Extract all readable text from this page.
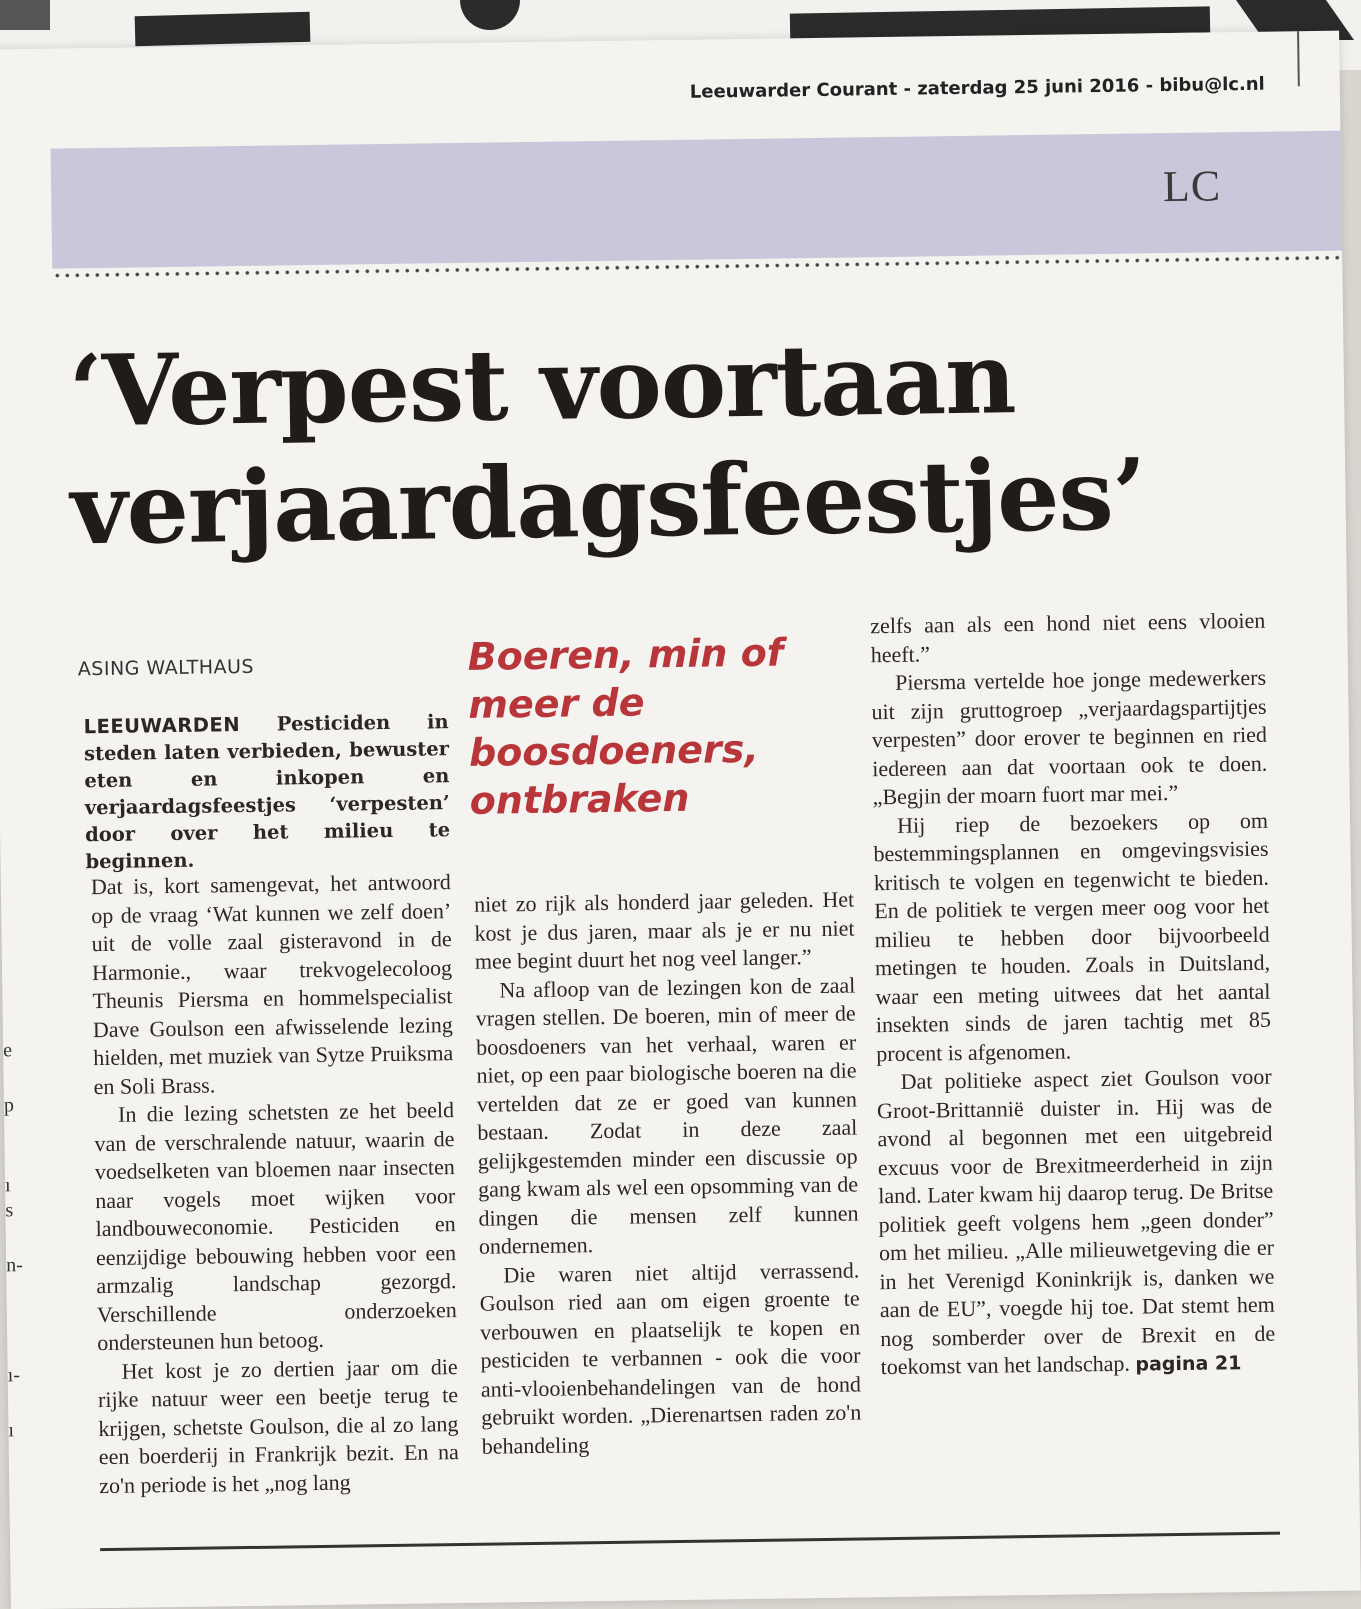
Leeuwarder Courant - zaterdag 25 juni 2016 - bibu@lc.nl
LC
‘Verpest voortaan
verjaardagsfeestjes’
ASING WALTHAUS
LEEUWARDEN Pesticiden in steden laten verbieden, bewuster eten en inkopen en verjaardagsfeestjes ‘verpesten’ door over het milieu te beginnen.
Boeren, min of meer de boosdoeners, ontbraken

Dat is, kort samengevat, het antwoord op de vraag ‘Wat kunnen we zelf doen’ uit de volle zaal gisteravond in de Harmonie., waar trekvogelecoloog Theunis Piersma en hommelspecialist Dave Goulson een afwisselende lezing hielden, met muziek van Sytze Pruiksma en Soli Brass.

In die lezing schetsten ze het beeld van de verschralende natuur, waarin de voedselketen van bloemen naar insecten naar vogels moet wijken voor landbouweconomie. Pesticiden en eenzijdige bebouwing hebben voor een armzalig landschap gezorgd. Verschillende onderzoeken ondersteunen hun betoog.

Het kost je zo dertien jaar om die rijke natuur weer een beetje terug te krijgen, schetste Goulson, die al zo lang een boerderij in Frankrijk bezit. En na zo'n periode is het „nog lang

niet zo rijk als honderd jaar geleden. Het kost je dus jaren, maar als je er nu niet mee begint duurt het nog veel langer.”

Na afloop van de lezingen kon de zaal vragen stellen. De boeren, min of meer de boosdoeners van het verhaal, waren er niet, op een paar biologische boeren na die vertelden dat ze er goed van kunnen bestaan. Zodat in deze zaal gelijkgestemden minder een discussie op gang kwam als wel een opsomming van de dingen die mensen zelf kunnen ondernemen.

Die waren niet altijd verrassend. Goulson ried aan om eigen groente te verbouwen en plaatselijk te kopen en pesticiden te verbannen - ook die voor anti-vlooienbehandelingen van de hond gebruikt worden. „Dierenartsen raden zo'n behandeling

zelfs aan als een hond niet eens vlooien heeft.”

Piersma vertelde hoe jonge medewerkers uit zijn gruttogroep „verjaardagspartijtjes verpesten” door erover te beginnen en ried iedereen aan dat voortaan ook te doen. „Begjin der moarn fuort mar mei.”

Hij riep de bezoekers op om bestemmingsplannen en omgevingsvisies kritisch te volgen en tegenwicht te bieden. En de politiek te vergen meer oog voor het milieu te hebben door bijvoorbeeld metingen te houden. Zoals in Duitsland, waar een meting uitwees dat het aantal insekten sinds de jaren tachtig met 85 procent is afgenomen.

Dat politieke aspect ziet Goulson voor Groot-Brittannië duister in. Hij was de avond al begonnen met een uitgebreid excuus voor de Brexitmeerderheid in zijn land. Later kwam hij daarop terug. De Britse politiek geeft volgens hem „geen donder” om het milieu. „Alle milieuwetgeving die er in het Verenigd Koninkrijk is, danken we aan de EU”, voegde hij toe. Dat stemt hem nog somberder over de Brexit en de toekomst van het landschap. pagina 21

e
p
ı
s
n-
ı-
ı
